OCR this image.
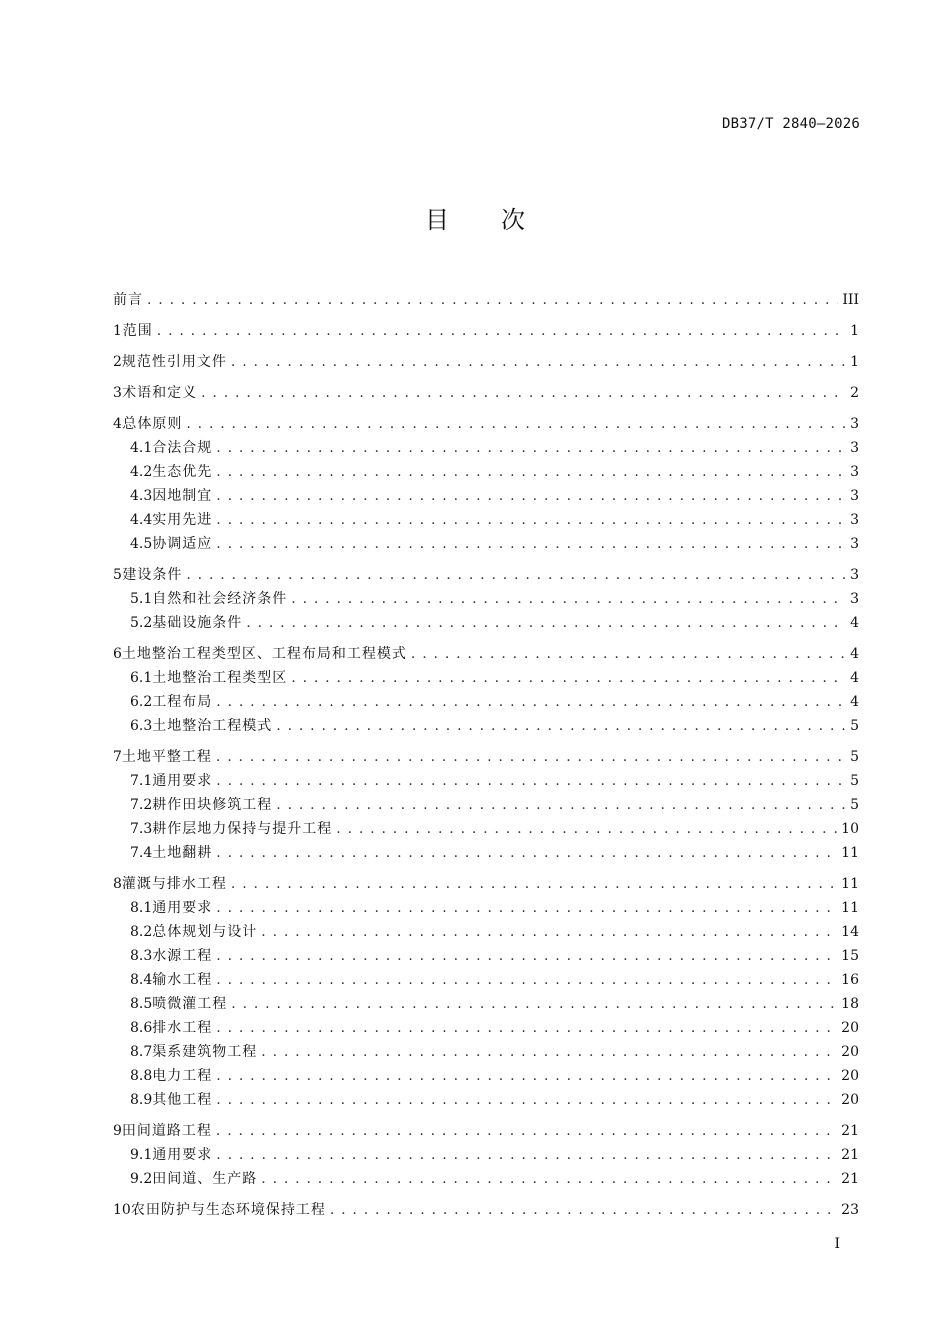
DB37/T 2840—2026
目 次
前言 . . .	III
1 范围 . . .	1
2 规范性引用文件 . . .	1
3 术语和定义 . . .	2
4 总体原则 . . .	3
4.1 合法合规 . . .	3
4.2 生态优先 . . .	3
4.3 因地制宜 . . .	3
4.4 实用先进 . . .	3
4.5 协调适应 . . .	3
5 建设条件 . . .	3
5.1 自然和社会经济条件 . . .	3
5.2 基础设施条件 . . .	4
6 土地整治工程类型区、工程布局和工程模式 . . .	4
6.1 土地整治工程类型区 . . .	4
6.2 工程布局 . . .	4
6.3 土地整治工程模式 . . .	5
7 土地平整工程 . . .	5
7.1 通用要求 . . .	5
7.2 耕作田块修筑工程 . . .	5
7.3 耕作层地力保持与提升工程 . . .	10
7.4 土地翻耕 . . .	11
8 灌溉与排水工程 . . .	11
8.1 通用要求 . . .	11
8.2 总体规划与设计 . . .	14
8.3 水源工程 . . .	15
8.4 输水工程 . . .	16
8.5 喷微灌工程 . . .	18
8.6 排水工程 . . .	20
8.7 渠系建筑物工程 . . .	20
8.8 电力工程 . . .	20
8.9 其他工程 . . .	20
9 田间道路工程 . . .	21
9.1 通用要求 . . .	21
9.2 田间道、生产路 . . .	21
10 农田防护与生态环境保持工程 . . .	23
I
